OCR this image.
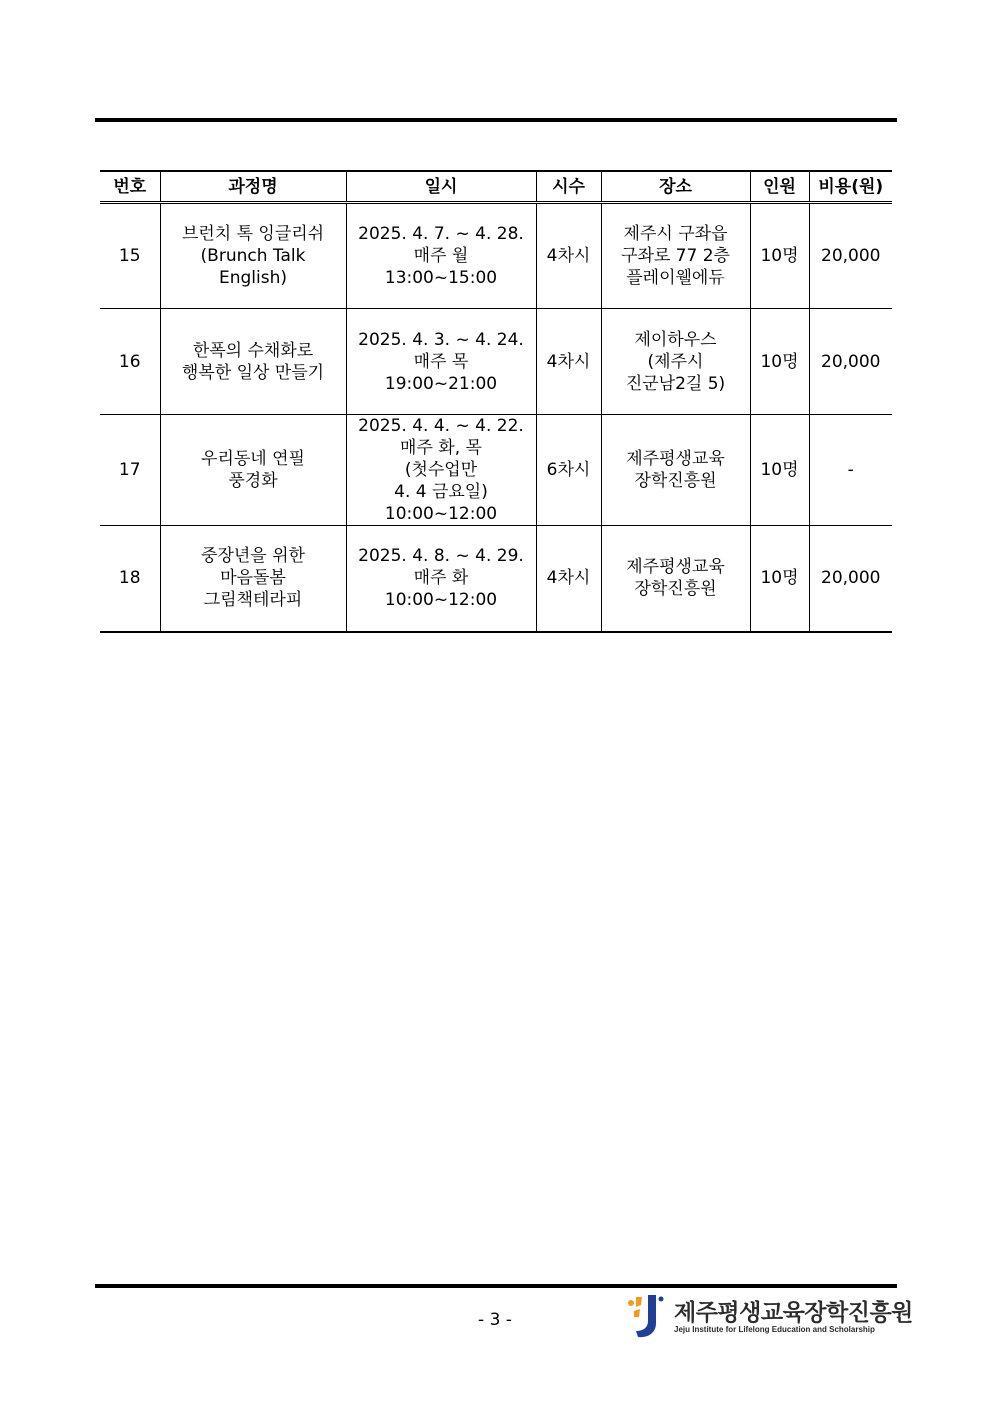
번호	과정명	일시	시수	장소	인원	비용(원)
15	브런치 톡 잉글리쉬
(Brunch Talk
English)	2025. 4. 7. ~ 4. 28.
매주 월
13:00~15:00	4차시	제주시 구좌읍
구좌로 77 2층
플레이웰에듀	10명	20,000
16	한폭의 수채화로
행복한 일상 만들기	2025. 4. 3. ~ 4. 24.
매주 목
19:00~21:00	4차시	제이하우스
(제주시
진군남2길 5)	10명	20,000
17	우리동네 연필
풍경화	2025. 4. 4. ~ 4. 22.
매주 화, 목
(첫수업만
4. 4 금요일)
10:00~12:00	6차시	제주평생교육
장학진흥원	10명	-
18	중장년을 위한
마음돌봄
그림책테라피	2025. 4. 8. ~ 4. 29.
매주 화
10:00~12:00	4차시	제주평생교육
장학진흥원	10명	20,000
- 3 -	제주평생교육장학진흥원
Jeju Institute for Lifelong Education and Scholarship
